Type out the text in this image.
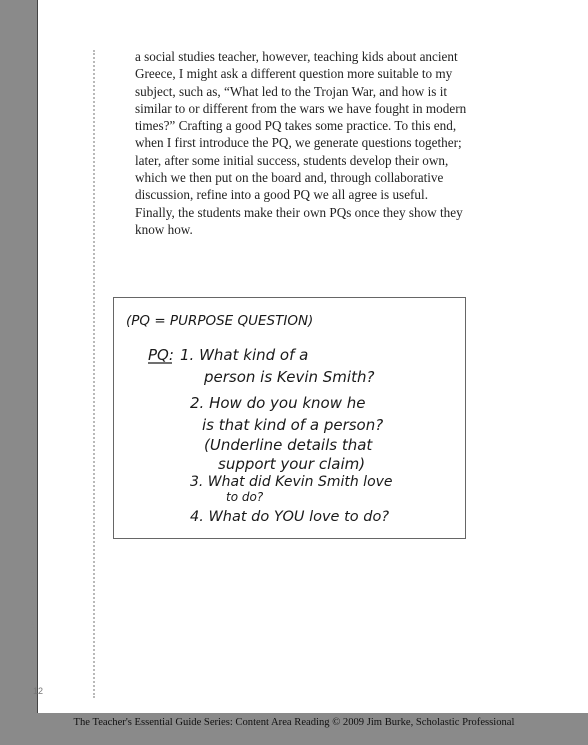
a social studies teacher, however, teaching kids about ancient Greece, I might ask a different question more suitable to my subject, such as, “What led to the Trojan War, and how is it similar to or different from the wars we have fought in modern times?” Crafting a good PQ takes some practice. To this end, when I first introduce the PQ, we generate questions together; later, after some initial success, students develop their own, which we then put on the board and, through collaborative discussion, refine into a good PQ we all agree is useful. Finally, the students make their own PQs once they show they know how.

(PQ = PURPOSE QUESTION)
PQ: 1. What kind of a
person is Kevin Smith?
2. How do you know he
is that kind of a person?
(Underline details that
support your claim)
3. What did Kevin Smith love
to do?
4. What do YOU love to do?
• THE TEACHER'S ESSENTIAL GUIDE: CONTENT AREA READING
12
The Teacher's Essential Guide Series: Content Area Reading © 2009 Jim Burke, Scholastic Professional
